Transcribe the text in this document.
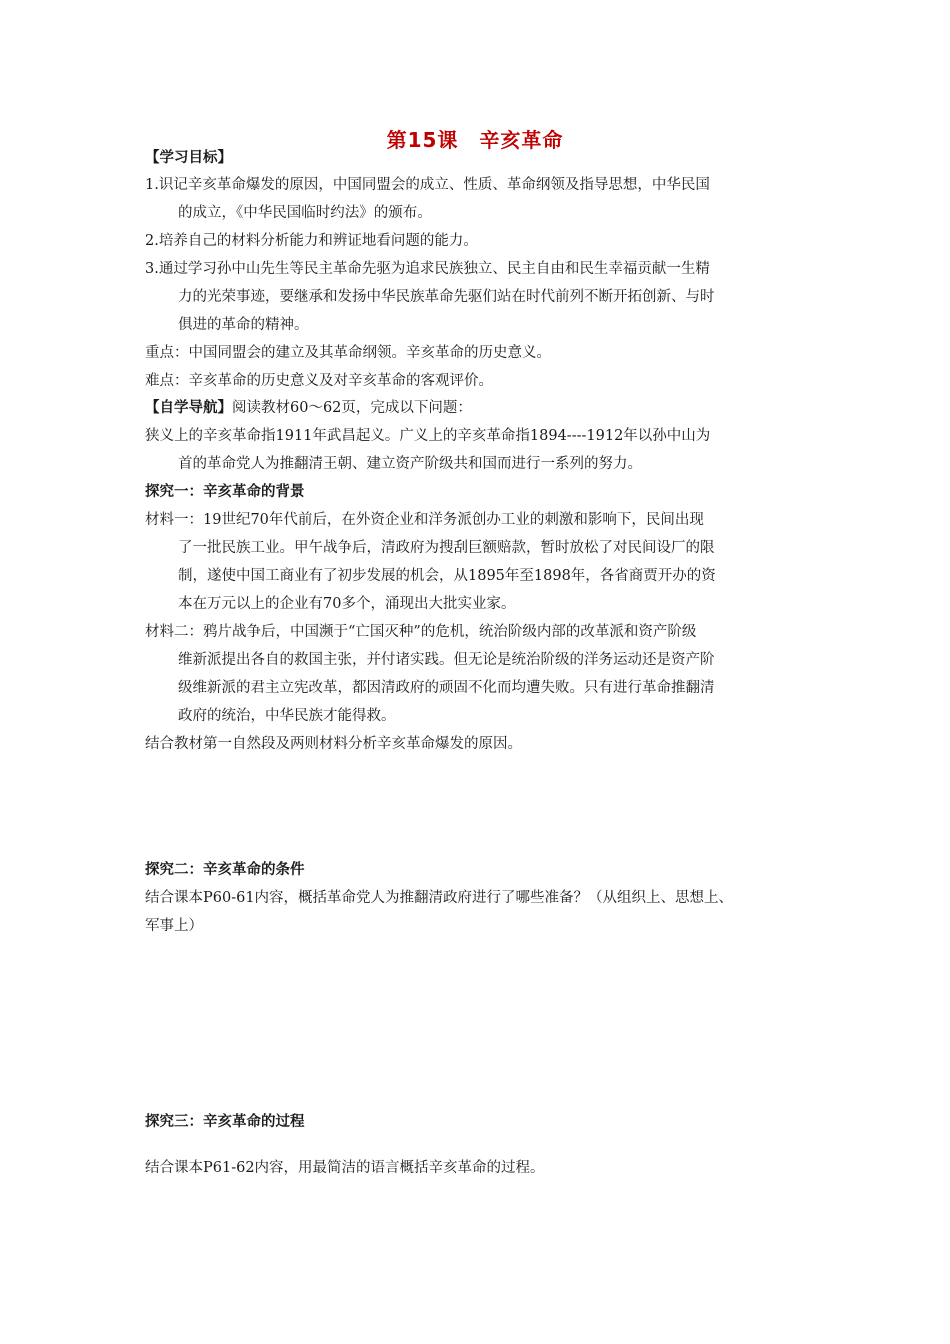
第15课　辛亥革命
【学习目标】
1.识记辛亥革命爆发的原因，中国同盟会的成立、性质、革命纲领及指导思想，中华民国
的成立，《中华民国临时约法》的颁布。
2.培养自己的材料分析能力和辨证地看问题的能力。
3.通过学习孙中山先生等民主革命先驱为追求民族独立、民主自由和民生幸福贡献一生精
力的光荣事迹，要继承和发扬中华民族革命先驱们站在时代前列不断开拓创新、与时
俱进的革命的精神。
重点：中国同盟会的建立及其革命纲领。辛亥革命的历史意义。
难点：辛亥革命的历史意义及对辛亥革命的客观评价。
【自学导航】阅读教材60～62页，完成以下问题：
狭义上的辛亥革命指1911年武昌起义。广义上的辛亥革命指1894----1912年以孙中山为
首的革命党人为推翻清王朝、建立资产阶级共和国而进行一系列的努力。
探究一：辛亥革命的背景
材料一：19世纪70年代前后，在外资企业和洋务派创办工业的刺激和影响下，民间出现
了一批民族工业。甲午战争后，清政府为搜刮巨额赔款，暂时放松了对民间设厂的限
制，遂使中国工商业有了初步发展的机会，从1895年至1898年，各省商贾开办的资
本在万元以上的企业有70多个，涌现出大批实业家。
材料二：鸦片战争后，中国濒于“亡国灭种”的危机，统治阶级内部的改革派和资产阶级
维新派提出各自的救国主张，并付诸实践。但无论是统治阶级的洋务运动还是资产阶
级维新派的君主立宪改革，都因清政府的顽固不化而均遭失败。只有进行革命推翻清
政府的统治，中华民族才能得救。
结合教材第一自然段及两则材料分析辛亥革命爆发的原因。
探究二：辛亥革命的条件
结合课本P60-61内容，概括革命党人为推翻清政府进行了哪些准备？（从组织上、思想上、
军事上）
探究三：辛亥革命的过程
结合课本P61-62内容，用最简洁的语言概括辛亥革命的过程。
